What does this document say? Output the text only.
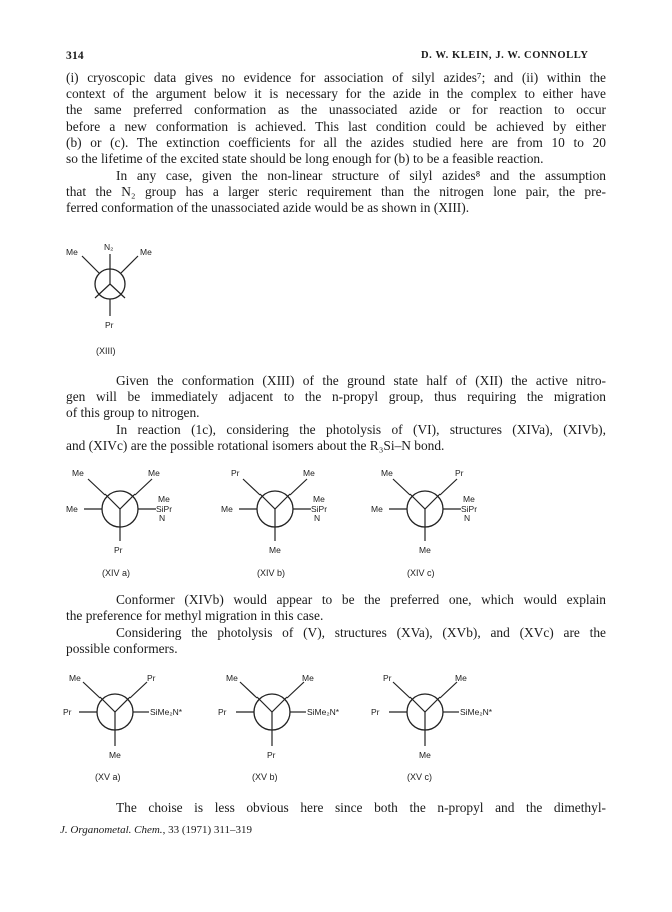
314	D. W. KLEIN, J. W. CONNOLLY
(i) cryoscopic data gives no evidence for association of silyl azides⁷; and (ii) within the
context of the argument below it is necessary for the azide in the complex to either have
the same preferred conformation as the unassociated azide or for reaction to occur
before a new conformation is achieved. This last condition could be achieved by either
(b) or (c). The extinction coefficients for all the azides studied here are from 10 to 20
so the lifetime of the excited state should be long enough for (b) to be a feasible reaction.
In any case, given the non-linear structure of silyl azides⁸ and the assumption
that the N₂ group has a larger steric requirement than the nitrogen lone pair, the pre-
ferred conformation of the unassociated azide would be as shown in (XIII).
N₂
Me	Me
Pr
(XIII)
Given the conformation (XIII) of the ground state half of (XII) the active nitro-
gen will be immediately adjacent to the n-propyl group, thus requiring the migration
of this group to nitrogen.
In reaction (1c), considering the photolysis of (VI), structures (XIVa), (XIVb),
and (XIVc) are the possible rotational isomers about the R₃Si–N bond.
Me	Me
Me
Me
SiPr
N
Pr
(XIV a)
Pr	Me
Me
Me
SiPr
N
Me
(XIV b)
Me	Pr
Me
Me
SiPr
N
Me
(XIV c)
Conformer (XIVb) would appear to be the preferred one, which would explain
the preference for methyl migration in this case.
Considering the photolysis of (V), structures (XVa), (XVb), and (XVc) are the
possible conformers.
Me	Pr
Pr	SiMe₂N*
Me
(XV a)
Me	Me
Pr	SiMe₂N*
Pr
(XV b)
Pr	Me
Pr	SiMe₂N*
Me
(XV c)
The choise is less obvious here since both the n-propyl and the dimethyl-
J. Organometal. Chem., 33 (1971) 311–319
